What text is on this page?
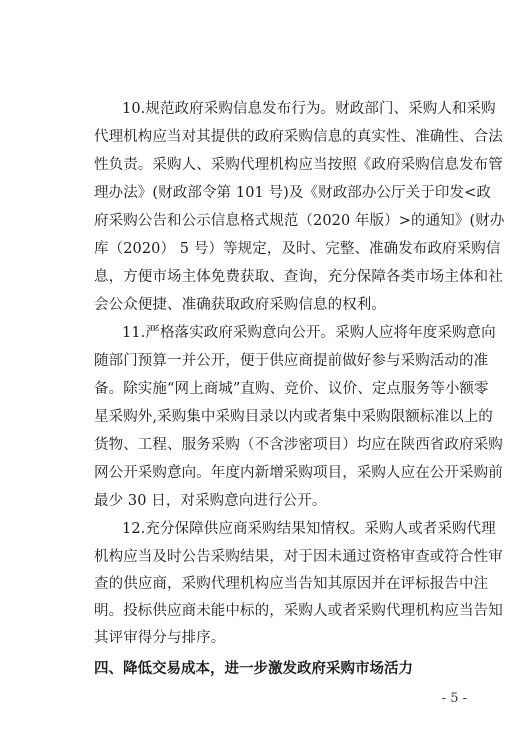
10.规范政府采购信息发布行为。财政部门、采购人和采购
代理机构应当对其提供的政府采购信息的真实性、准确性、合法
性负责。采购人、采购代理机构应当按照《政府采购信息发布管
理办法》(财政部令第 101 号)及《财政部办公厅关于印发<政
府采购公告和公示信息格式规范（2020 年版）>的通知》(财办
库（2020） 5 号）等规定，及时、完整、准确发布政府采购信
息，方便市场主体免费获取、查询，充分保障各类市场主体和社
会公众便捷、准确获取政府采购信息的权利。
11.严格落实政府采购意向公开。采购人应将年度采购意向
随部门预算一并公开，便于供应商提前做好参与采购活动的准
备。除实施“网上商城”直购、竞价、议价、定点服务等小额零
星采购外,采购集中采购目录以内或者集中采购限额标准以上的
货物、工程、服务采购（不含涉密项目）均应在陕西省政府采购
网公开采购意向。年度内新增采购项目，采购人应在公开采购前
最少 30 日，对采购意向进行公开。
12.充分保障供应商采购结果知情权。采购人或者采购代理
机构应当及时公告采购结果，对于因未通过资格审查或符合性审
查的供应商，采购代理机构应当告知其原因并在评标报告中注
明。投标供应商未能中标的，采购人或者采购代理机构应当告知
其评审得分与排序。
四、降低交易成本，进一步激发政府采购市场活力
- 5 -
